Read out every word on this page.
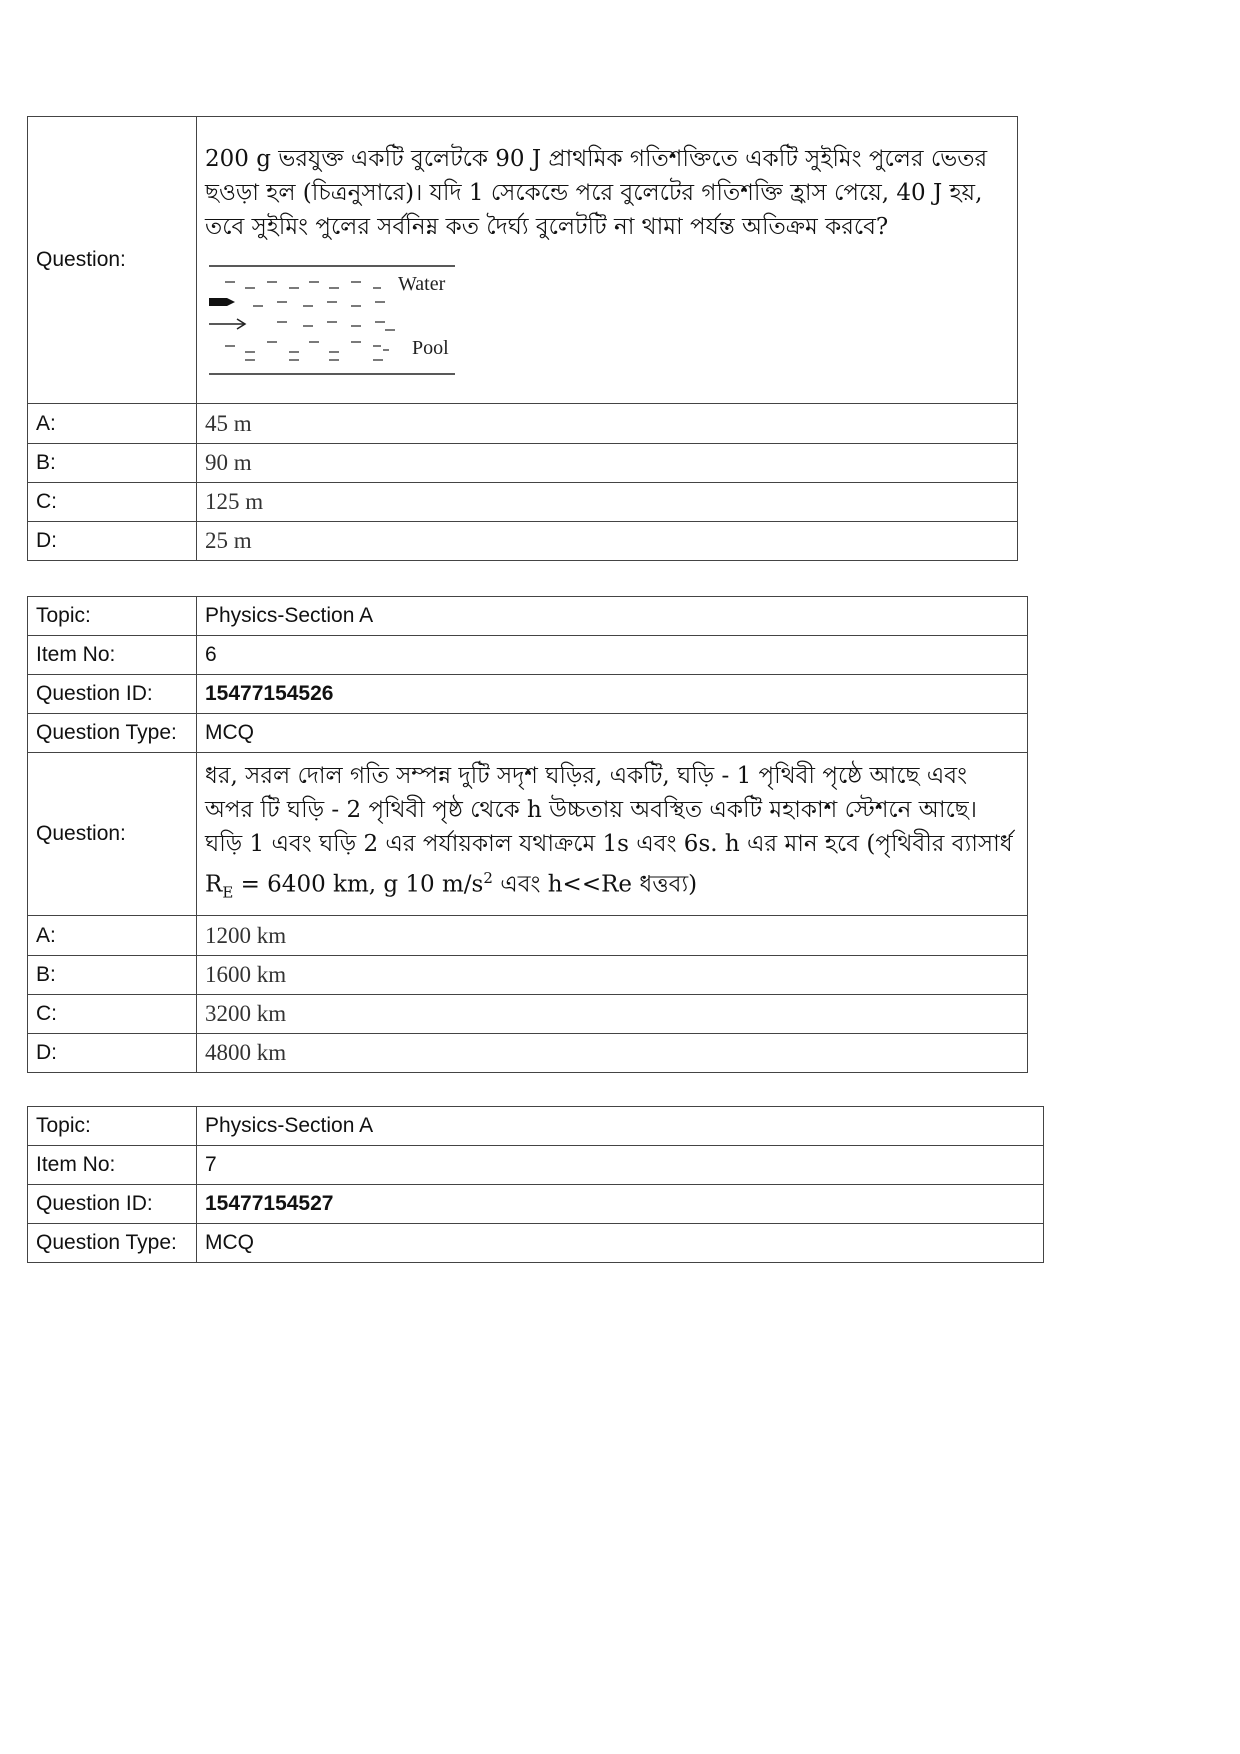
Question:	200 g ভরযুক্ত একটি বুলেটকে 90 J প্রাথমিক গতিশক্তিতে একটি সুইমিং পুলের ভেতর ছওড়া হল (চিত্রনুসারে)। যদি 1 সেকেন্ডে পরে বুলেটের গতিশক্তি হ্রাস পেয়ে, 40 J হয়, তবে সুইমিং পুলের সর্বনিম্ন কত দৈর্ঘ্য বুলেটটি না থামা পর্যন্ত অতিক্রম করবে?
Water
Pool

A:	45 m
B:	90 m
C:	125 m
D:	25 m
Topic:	Physics-Section A
Item No:	6
Question ID:	15477154526
Question Type:	MCQ
Question:	ধর, সরল দোল গতি সম্পন্ন দুটি সদৃশ ঘড়ির, একটি, ঘড়ি - 1 পৃথিবী পৃষ্ঠে আছে এবং অপর টি ঘড়ি - 2 পৃথিবী পৃষ্ঠ থেকে h উচ্চতায় অবস্থিত একটি মহাকাশ স্টেশনে আছে। ঘড়ি 1 এবং ঘড়ি 2 এর পর্যায়কাল যথাক্রমে 1s এবং 6s. h এর মান হবে (পৃথিবীর ব্যাসার্ধ $R_E = 6400$ km, g 10 $m/s^2$ এবং h<<Re ধত্তব্য)

A:	1200 km
B:	1600 km
C:	3200 km
D:	4800 km
Topic:	Physics-Section A
Item No:	7
Question ID:	15477154527
Question Type:	MCQ
